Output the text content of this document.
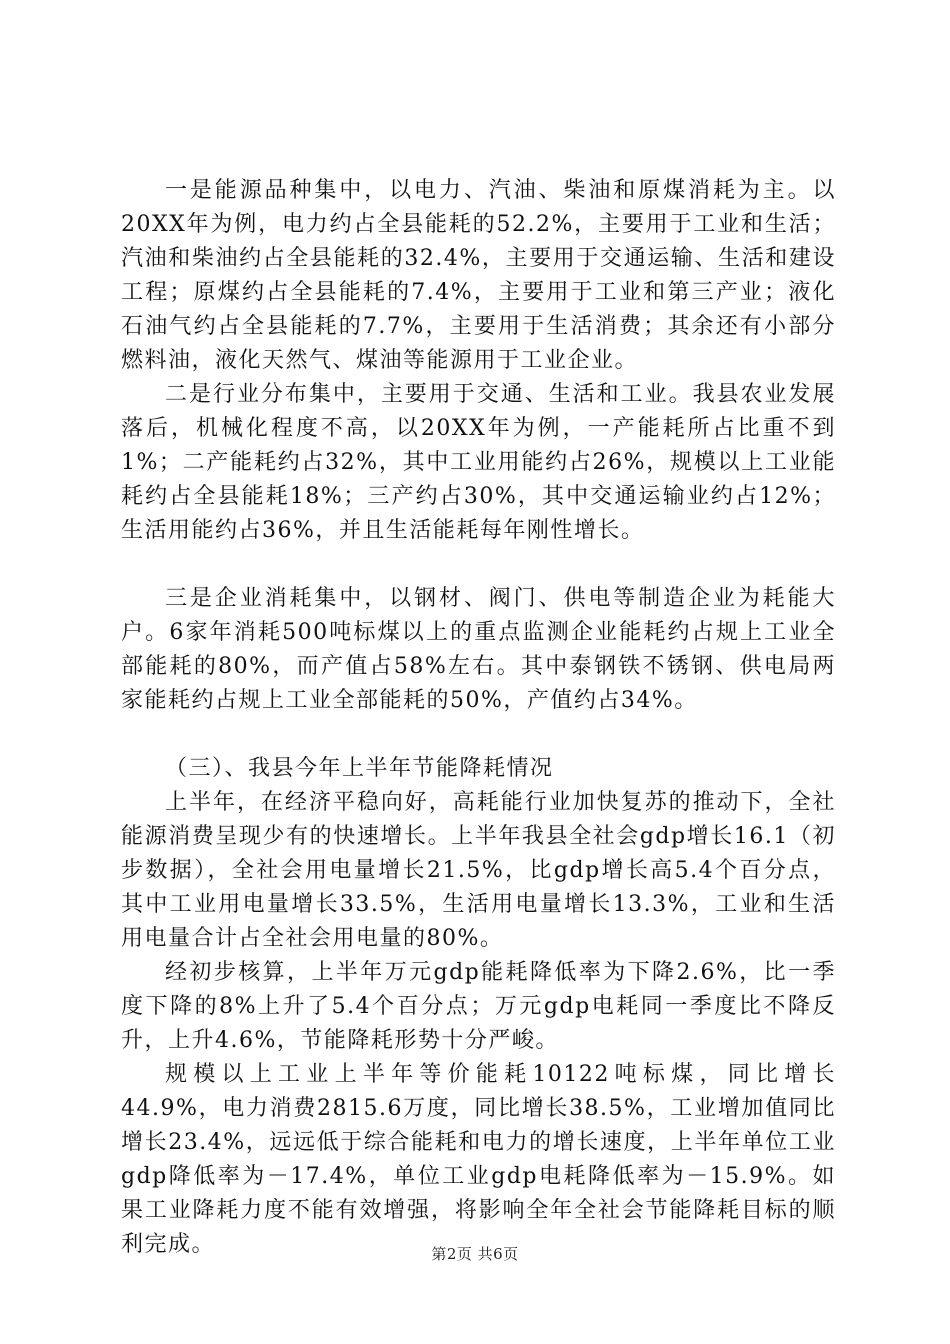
一是能源品种集中，以电力、汽油、柴油和原煤消耗为主。以20XX年为例，电力约占全县能耗的52.2%，主要用于工业和生活；汽油和柴油约占全县能耗的32.4%，主要用于交通运输、生活和建设工程；原煤约占全县能耗的7.4%，主要用于工业和第三产业；液化石油气约占全县能耗的7.7%，主要用于生活消费；其余还有小部分燃料油，液化天然气、煤油等能源用于工业企业。

二是行业分布集中，主要用于交通、生活和工业。我县农业发展落后，机械化程度不高，以20XX年为例，一产能耗所占比重不到1%；二产能耗约占32%，其中工业用能约占26%，规模以上工业能耗约占全县能耗18%；三产约占30%，其中交通运输业约占12%；生活用能约占36%，并且生活能耗每年刚性增长。

三是企业消耗集中，以钢材、阀门、供电等制造企业为耗能大户。6家年消耗500吨标煤以上的重点监测企业能耗约占规上工业全部能耗的80%，而产值占58%左右。其中泰钢铁不锈钢、供电局两家能耗约占规上工业全部能耗的50%，产值约占34%。

（三）、我县今年上半年节能降耗情况

上半年，在经济平稳向好，高耗能行业加快复苏的推动下，全社能源消费呈现少有的快速增长。上半年我县全社会gdp增长16.1（初步数据），全社会用电量增长21.5%，比gdp增长高5.4个百分点，其中工业用电量增长33.5%，生活用电量增长13.3%，工业和生活用电量合计占全社会用电量的80%。

经初步核算，上半年万元gdp能耗降低率为下降2.6%，比一季度下降的8%上升了5.4个百分点；万元gdp电耗同一季度比不降反升，上升4.6%，节能降耗形势十分严峻。

规模以上工业上半年等价能耗10122吨标煤，同比增长44.9%，电力消费2815.6万度，同比增长38.5%，工业增加值同比增长23.4%，远远低于综合能耗和电力的增长速度，上半年单位工业gdp降低率为－17.4%，单位工业gdp电耗降低率为－15.9%。如果工业降耗力度不能有效增强，将影响全年全社会节能降耗目标的顺利完成。	第2页 共6页
